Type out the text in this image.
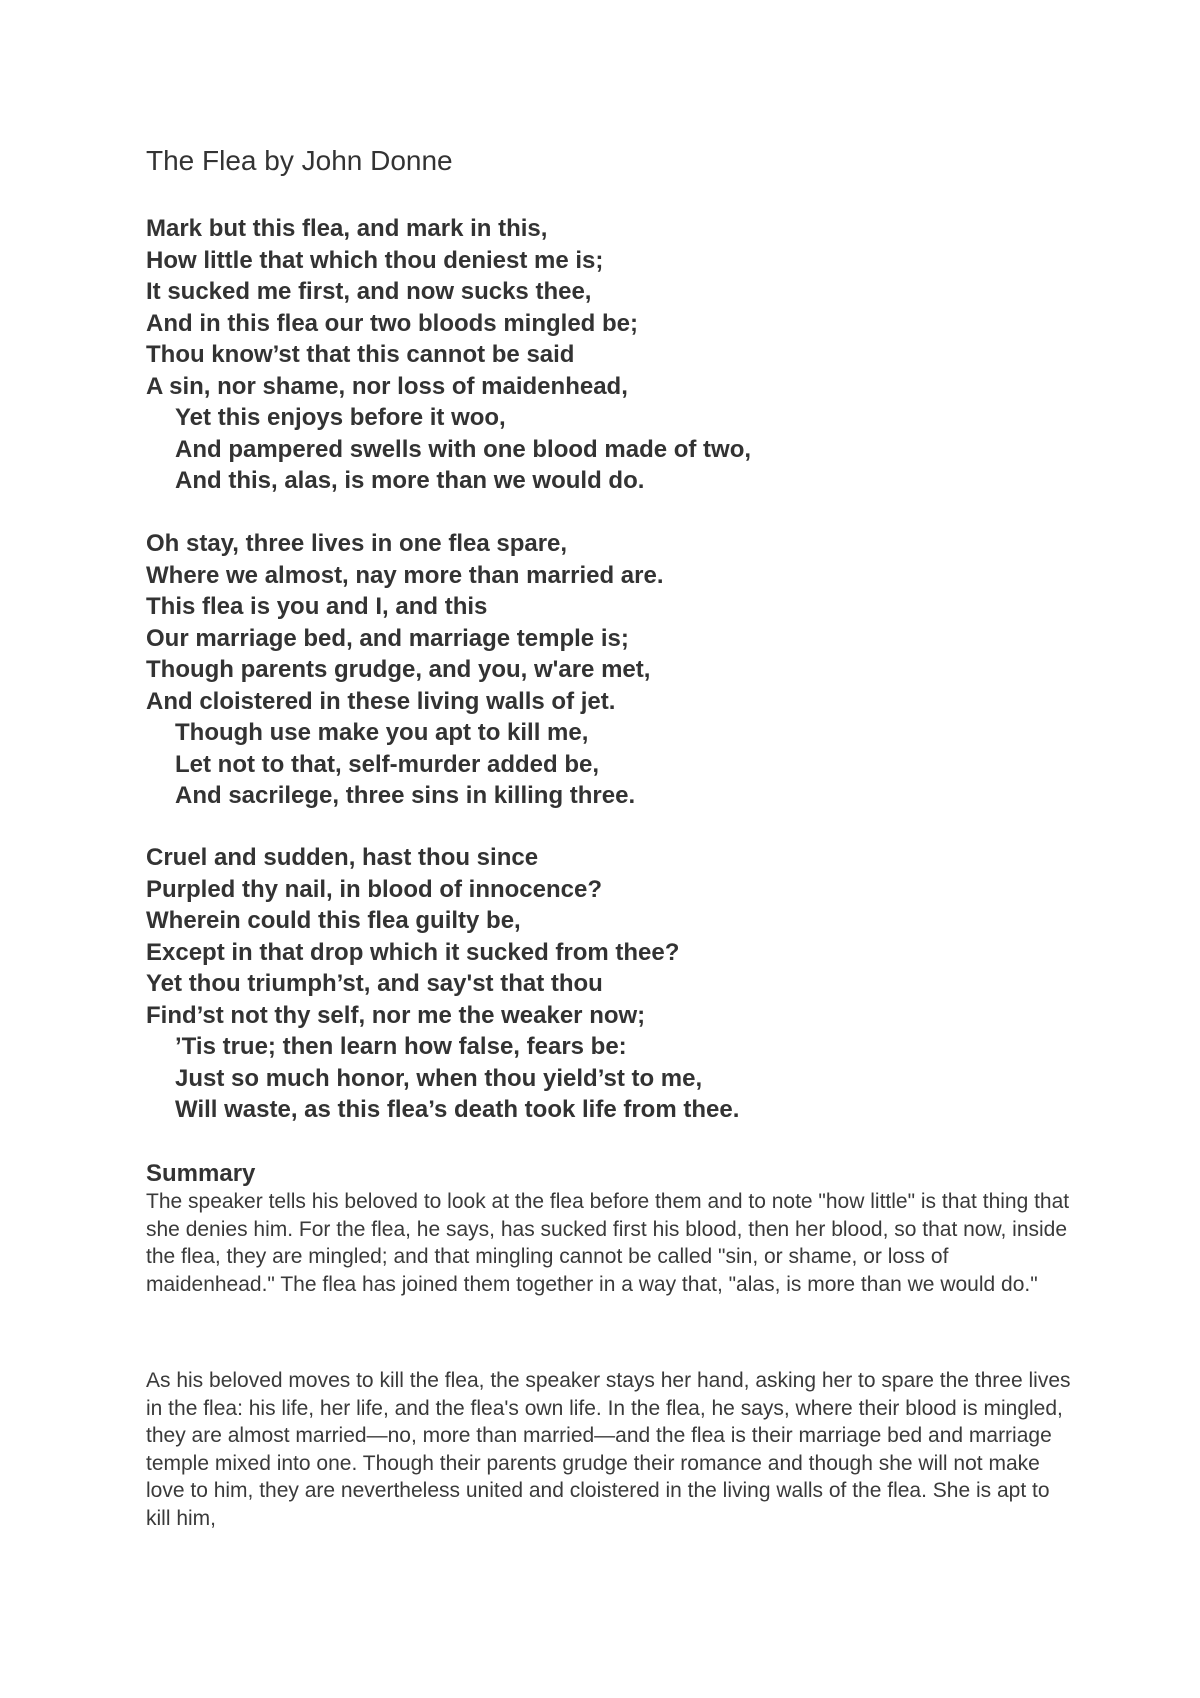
The Flea by John Donne
Mark but this flea, and mark in this,
How little that which thou deniest me is;
It sucked me first, and now sucks thee,
And in this flea our two bloods mingled be;
Thou know’st that this cannot be said
A sin, nor shame, nor loss of maidenhead,
Yet this enjoys before it woo,
And pampered swells with one blood made of two,
And this, alas, is more than we would do.
Oh stay, three lives in one flea spare,
Where we almost, nay more than married are.
This flea is you and I, and this
Our marriage bed, and marriage temple is;
Though parents grudge, and you, w'are met,
And cloistered in these living walls of jet.
Though use make you apt to kill me,
Let not to that, self-murder added be,
And sacrilege, three sins in killing three.
Cruel and sudden, hast thou since
Purpled thy nail, in blood of innocence?
Wherein could this flea guilty be,
Except in that drop which it sucked from thee?
Yet thou triumph’st, and say'st that thou
Find’st not thy self, nor me the weaker now;
’Tis true; then learn how false, fears be:
Just so much honor, when thou yield’st to me,
Will waste, as this flea’s death took life from thee.
Summary

The speaker tells his beloved to look at the flea before them and to note "how little" is that thing that she denies him. For the flea, he says, has sucked first his blood, then her blood, so that now, inside the flea, they are mingled; and that mingling cannot be called "sin, or shame, or loss of maidenhead." The flea has joined them together in a way that, "alas, is more than we would do."

As his beloved moves to kill the flea, the speaker stays her hand, asking her to spare the three lives in the flea: his life, her life, and the flea's own life. In the flea, he says, where their blood is mingled, they are almost married—no, more than married—and the flea is their marriage bed and marriage temple mixed into one. Though their parents grudge their romance and though she will not make love to him, they are nevertheless united and cloistered in the living walls of the flea. She is apt to kill him,
